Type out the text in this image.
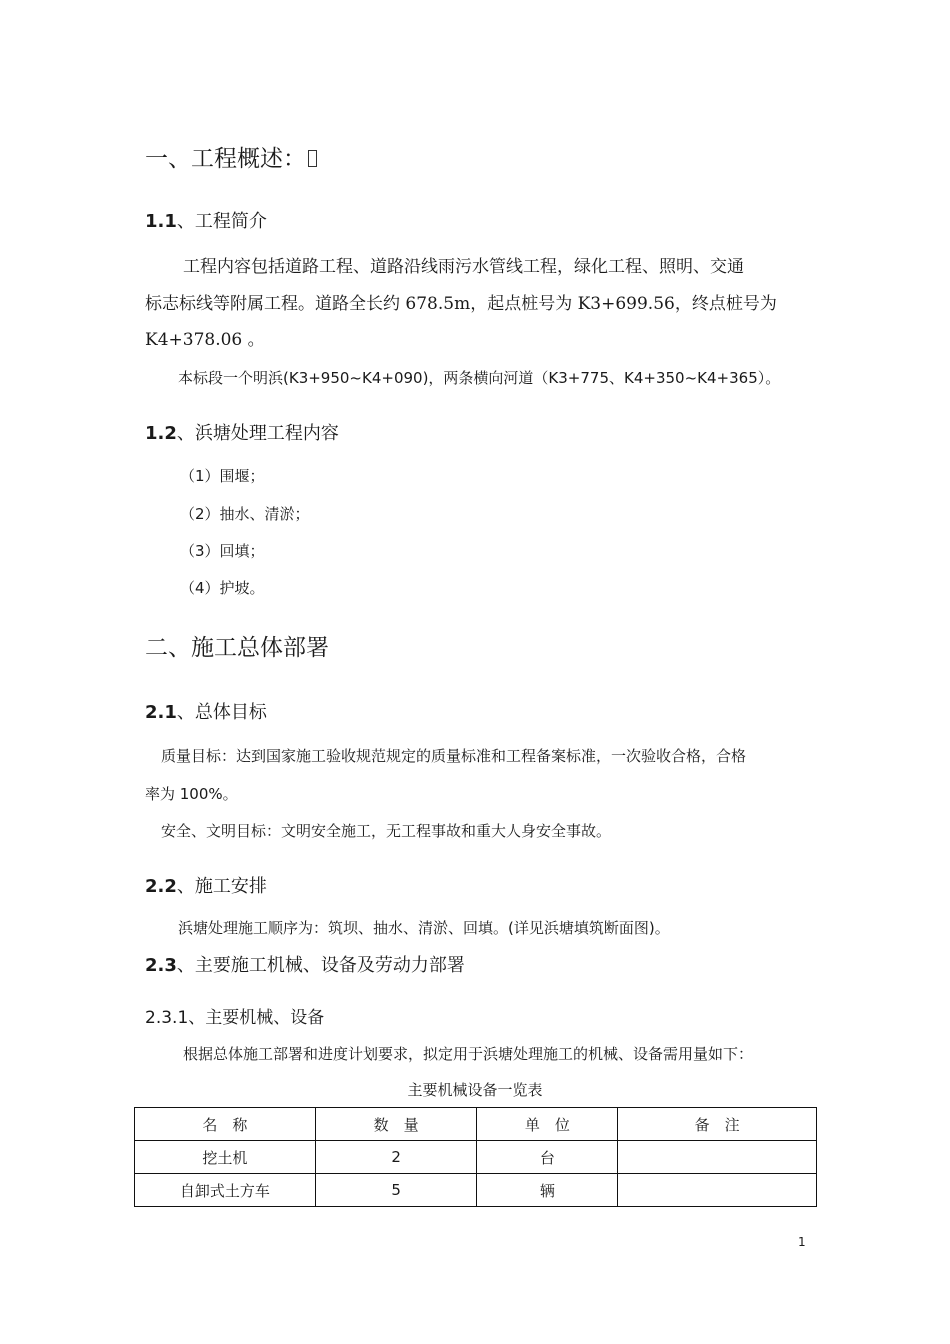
一、工程概述：
1.1、工程简介
工程内容包括道路工程、道路沿线雨污水管线工程，绿化工程、照明、交通
标志标线等附属工程。道路全长约 678.5m，起点桩号为 K3+699.56，终点桩号为
K4+378.06 。
本标段一个明浜(K3+950~K4+090)，两条横向河道（K3+775、K4+350~K4+365）。
1.2、浜塘处理工程内容
（1）围堰；
（2）抽水、清淤；
（3）回填；
（4）护坡。
二、施工总体部署
2.1、总体目标
质量目标：达到国家施工验收规范规定的质量标准和工程备案标准，一次验收合格，合格
率为 100%。
安全、文明目标：文明安全施工，无工程事故和重大人身安全事故。
2.2、施工安排
浜塘处理施工顺序为：筑坝、抽水、清淤、回填。(详见浜塘填筑断面图)。
2.3、主要施工机械、设备及劳动力部署
2.3.1、主要机械、设备
根据总体施工部署和进度计划要求，拟定用于浜塘处理施工的机械、设备需用量如下：
主要机械设备一览表
名　称	数　量	单　位	备　注
挖土机	2	台	
自卸式土方车	5	辆	
1
